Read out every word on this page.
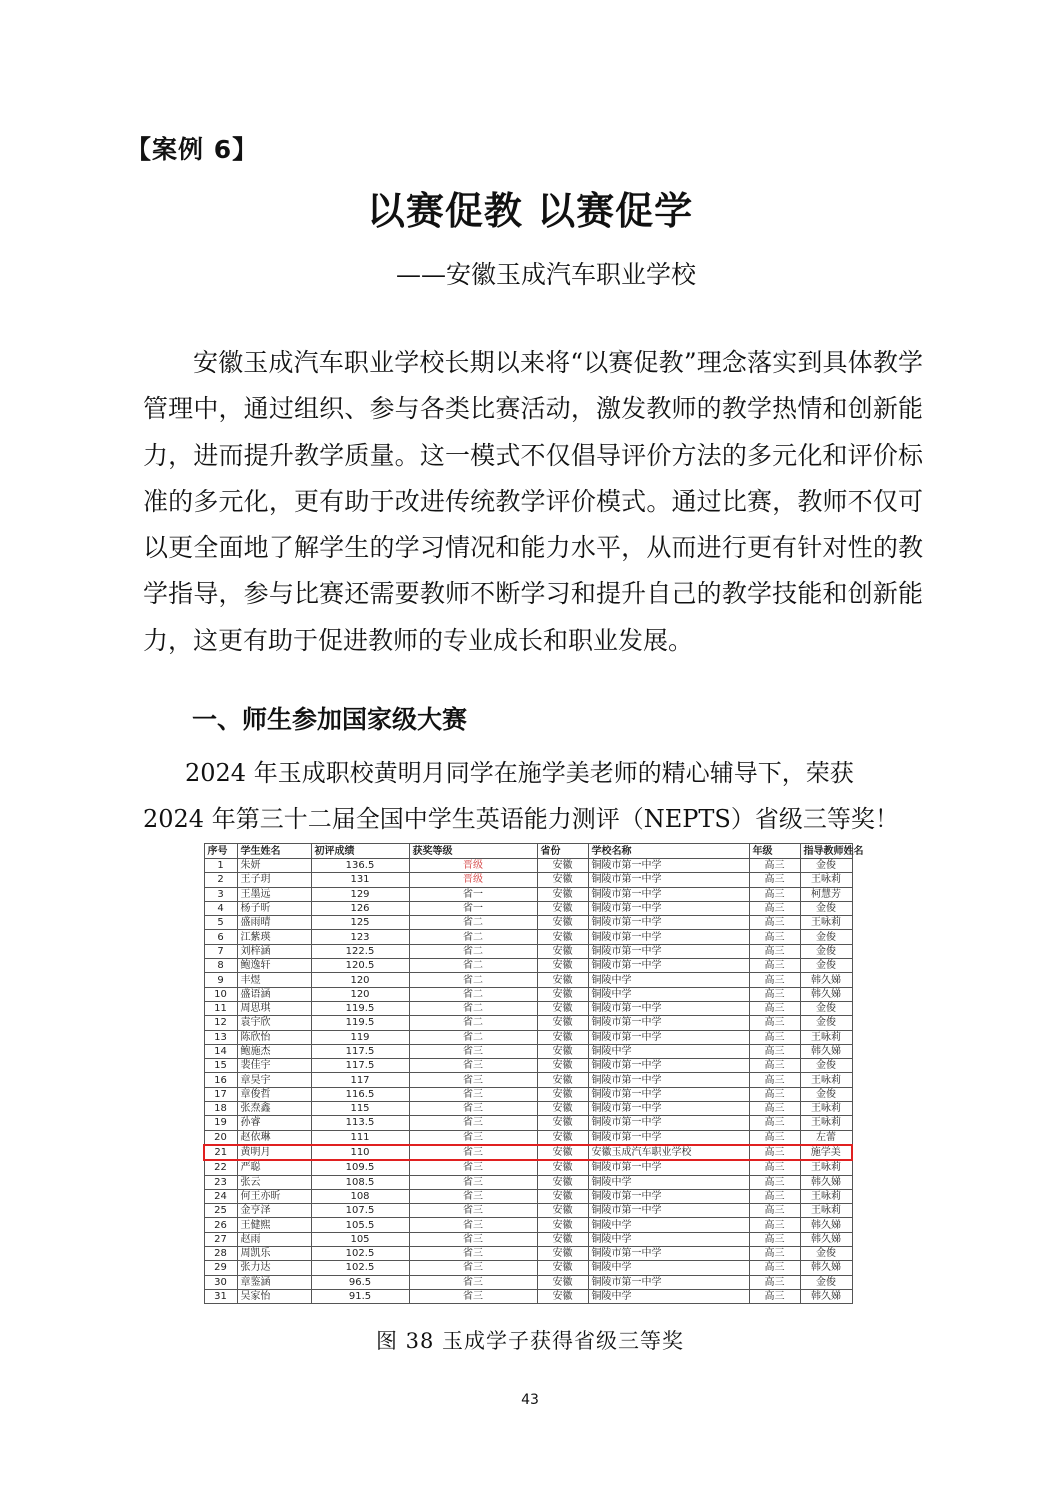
【案例 6】
以赛促教 以赛促学
——安徽玉成汽车职业学校

安徽玉成汽车职业学校长期以来将“以赛促教”理念落实到具体教学管理中，通过组织、参与各类比赛活动，激发教师的教学热情和创新能力，进而提升教学质量。这一模式不仅倡导评价方法的多元化和评价标准的多元化，更有助于改进传统教学评价模式。通过比赛，教师不仅可以更全面地了解学生的学习情况和能力水平，从而进行更有针对性的教学指导，参与比赛还需要教师不断学习和提升自己的教学技能和创新能力，这更有助于促进教师的专业成长和职业发展。

一、师生参加国家级大赛

2024 年玉成职校黄明月同学在施学美老师的精心辅导下，荣获
2024 年第三十二届全国中学生英语能力测评（NEPTS）省级三等奖！

序号	学生姓名	初评成绩	获奖等级	省份	学校名称	年级	指导教师姓名
1	朱妍	136.5	晋级	安徽	铜陵市第一中学	高三	金俊
2	王子玥	131	晋级	安徽	铜陵市第一中学	高三	王咏莉
3	王墨远	129	省一	安徽	铜陵市第一中学	高三	柯慧芳
4	杨子昕	126	省一	安徽	铜陵市第一中学	高三	金俊
5	盛雨晴	125	省二	安徽	铜陵市第一中学	高三	王咏莉
6	江紫瑛	123	省二	安徽	铜陵市第一中学	高三	金俊
7	刘梓涵	122.5	省二	安徽	铜陵市第一中学	高三	金俊
8	鲍逸轩	120.5	省二	安徽	铜陵市第一中学	高三	金俊
9	丰煜	120	省二	安徽	铜陵中学	高三	韩久娣
10	盛语涵	120	省二	安徽	铜陵中学	高三	韩久娣
11	周思琪	119.5	省二	安徽	铜陵市第一中学	高三	金俊
12	袁宇欣	119.5	省二	安徽	铜陵市第一中学	高三	金俊
13	陈欣怡	119	省二	安徽	铜陵市第一中学	高三	王咏莉
14	鲍施杰	117.5	省三	安徽	铜陵中学	高三	韩久娣
15	裴佳宇	117.5	省三	安徽	铜陵市第一中学	高三	金俊
16	章昊宇	117	省三	安徽	铜陵市第一中学	高三	王咏莉
17	章俊哲	116.5	省三	安徽	铜陵市第一中学	高三	金俊
18	张焘鑫	115	省三	安徽	铜陵市第一中学	高三	王咏莉
19	孙睿	113.5	省三	安徽	铜陵市第一中学	高三	王咏莉
20	赵依琳	111	省三	安徽	铜陵市第一中学	高三	左蕾
21	黄明月	110	省三	安徽	安徽玉成汽车职业学校	高三	施学美
22	严聪	109.5	省三	安徽	铜陵市第一中学	高三	王咏莉
23	张云	108.5	省三	安徽	铜陵中学	高三	韩久娣
24	何王亦昕	108	省三	安徽	铜陵市第一中学	高三	王咏莉
25	金亨泽	107.5	省三	安徽	铜陵市第一中学	高三	王咏莉
26	王健熙	105.5	省三	安徽	铜陵中学	高三	韩久娣
27	赵雨	105	省三	安徽	铜陵中学	高三	韩久娣
28	周凯乐	102.5	省三	安徽	铜陵市第一中学	高三	金俊
29	张力达	102.5	省三	安徽	铜陵中学	高三	韩久娣
30	章鉴涵	96.5	省三	安徽	铜陵市第一中学	高三	金俊
31	吴家怡	91.5	省三	安徽	铜陵中学	高三	韩久娣
图 38 玉成学子获得省级三等奖
43
